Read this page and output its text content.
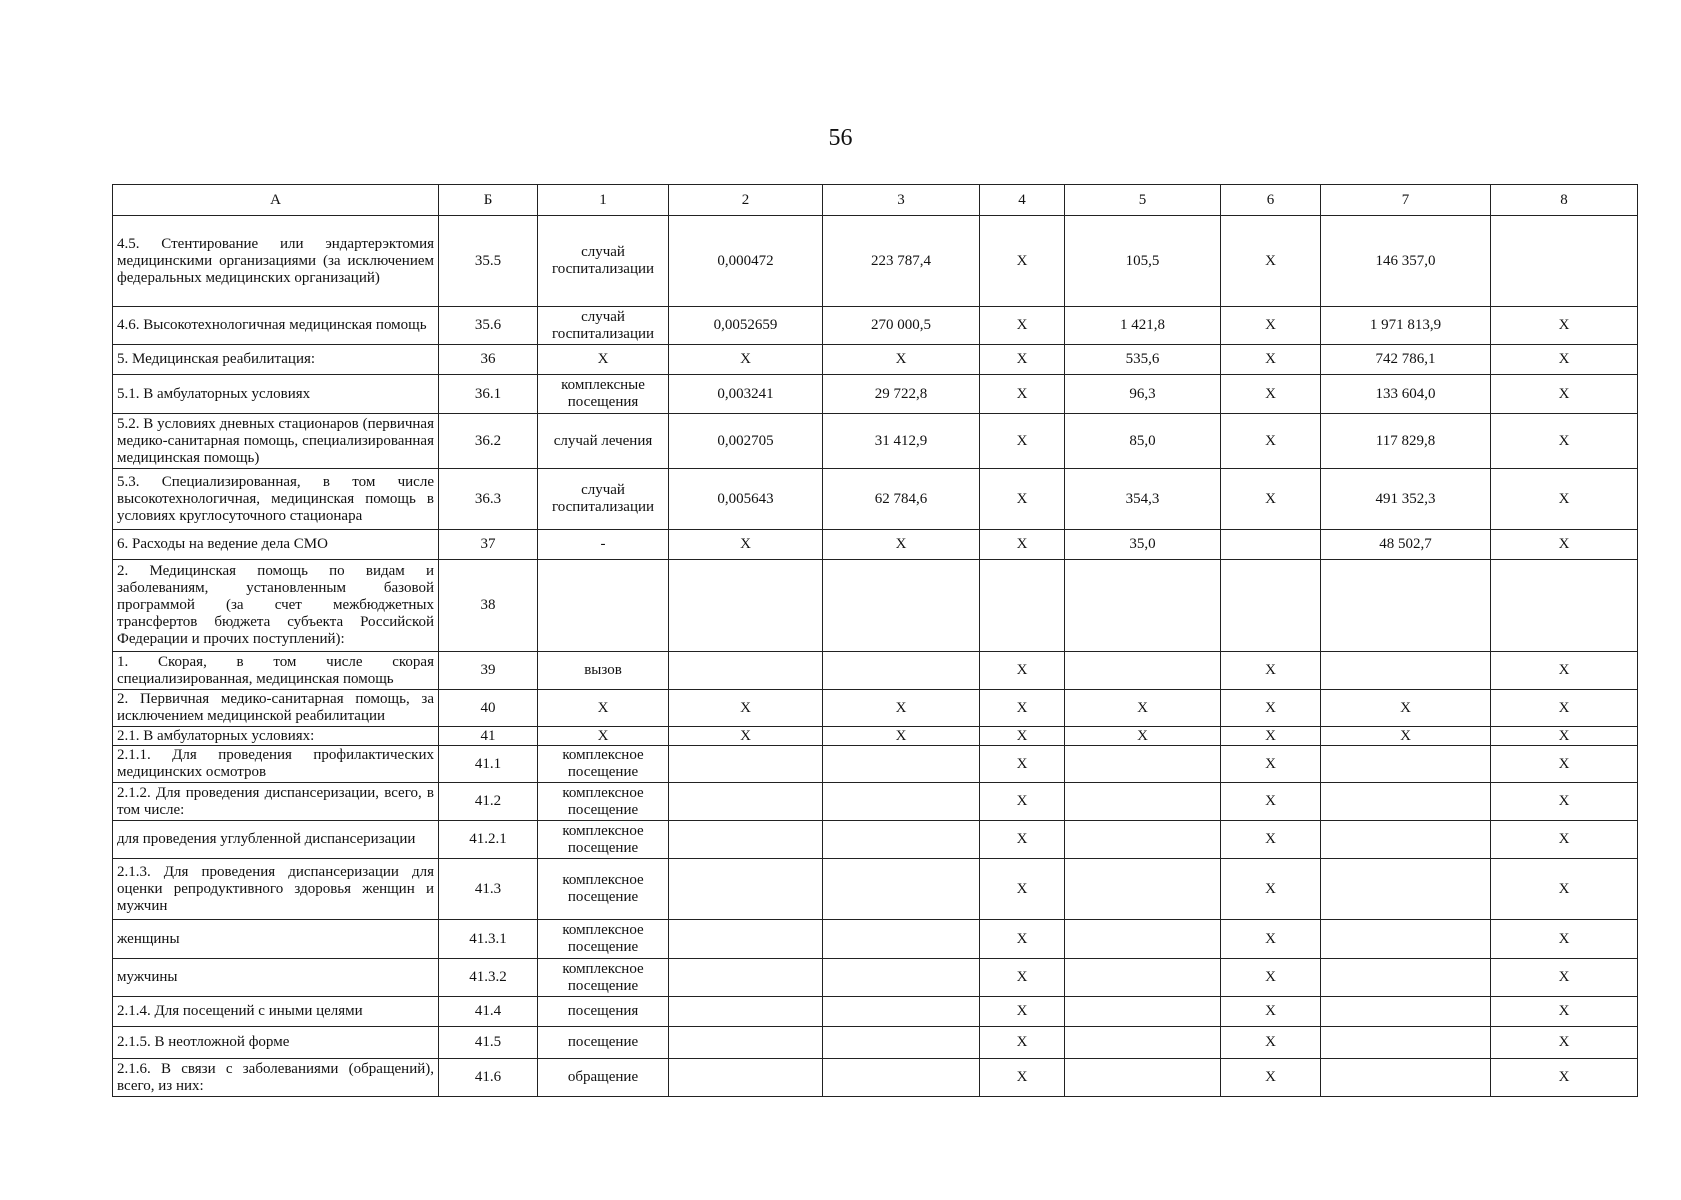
56
А	Б	1	2	3	4	5	6	7	8
4.5. Стентирование или эндартерэктомия медицинскими организациями (за исключением федеральных медицинских организаций)	35.5	случай госпитализации	0,000472	223 787,4	X	105,5	X	146 357,0	
4.6. Высокотехнологичная медицинская помощь	35.6	случай госпитализации	0,0052659	270 000,5	X	1 421,8	X	1 971 813,9	X
5. Медицинская реабилитация:	36	X	X	X	X	535,6	X	742 786,1	X
5.1. В амбулаторных условиях	36.1	комплексные посещения	0,003241	29 722,8	X	96,3	X	133 604,0	X
5.2. В условиях дневных стационаров (первичная медико-санитарная помощь, специализированная медицинская помощь)	36.2	случай лечения	0,002705	31 412,9	X	85,0	X	117 829,8	X
5.3. Специализированная, в том числе высокотехнологичная, медицинская помощь в условиях круглосуточного стационара	36.3	случай госпитализации	0,005643	62 784,6	X	354,3	X	491 352,3	X
6. Расходы на ведение дела СМО	37	-	X	X	X	35,0		48 502,7	X
2. Медицинская помощь по видам и заболеваниям, установленным базовой программой (за счет межбюджетных трансфертов бюджета субъекта Российской Федерации и прочих поступлений):	38								
1. Скорая, в том числе скорая специализированная, медицинская помощь	39	вызов			X		X		X
2. Первичная медико-санитарная помощь, за исключением медицинской реабилитации	40	X	X	X	X	X	X	X	X
2.1. В амбулаторных условиях:	41	X	X	X	X	X	X	X	X
2.1.1. Для проведения профилактических медицинских осмотров	41.1	комплексное посещение			X		X		X
2.1.2. Для проведения диспансеризации, всего, в том числе:	41.2	комплексное посещение			X		X		X
для проведения углубленной диспансеризации	41.2.1	комплексное посещение			X		X		X
2.1.3. Для проведения диспансеризации для оценки репродуктивного здоровья женщин и мужчин	41.3	комплексное посещение			X		X		X
женщины	41.3.1	комплексное посещение			X		X		X
мужчины	41.3.2	комплексное посещение			X		X		X
2.1.4. Для посещений с иными целями	41.4	посещения			X		X		X
2.1.5. В неотложной форме	41.5	посещение			X		X		X
2.1.6. В связи с заболеваниями (обращений), всего, из них:	41.6	обращение			X		X		X
